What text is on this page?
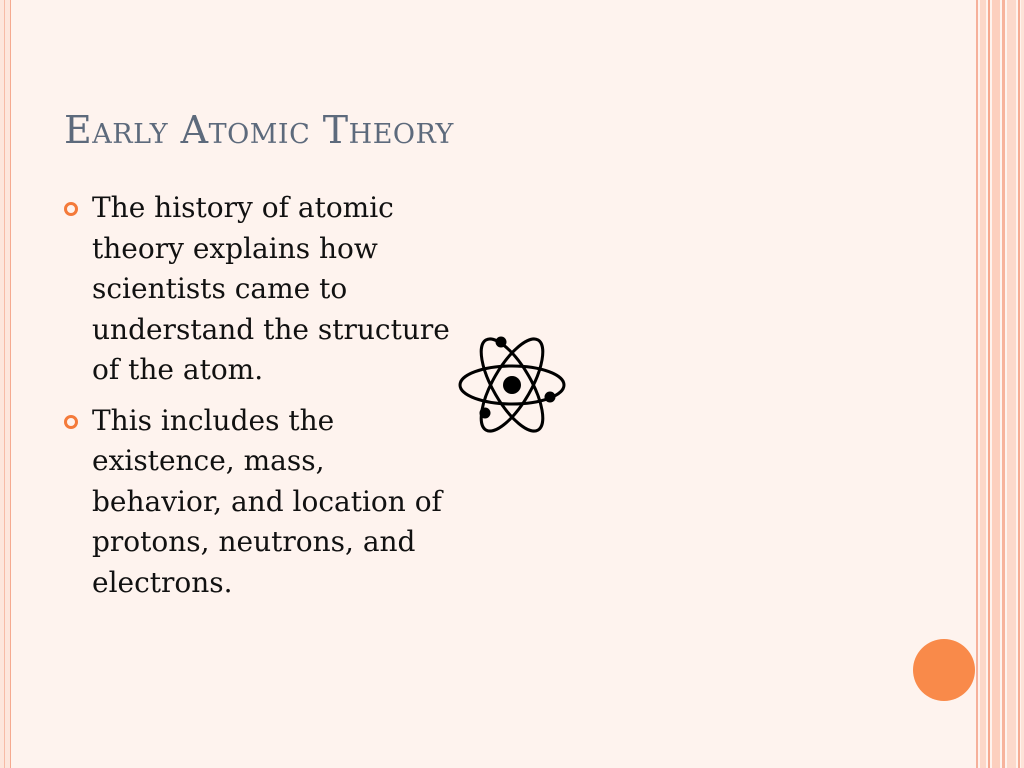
Early Atomic Theory
The history of atomic theory explains how scientists came to understand the structure of the atom.
This includes the existence, mass, behavior, and location of protons, neutrons, and electrons.
